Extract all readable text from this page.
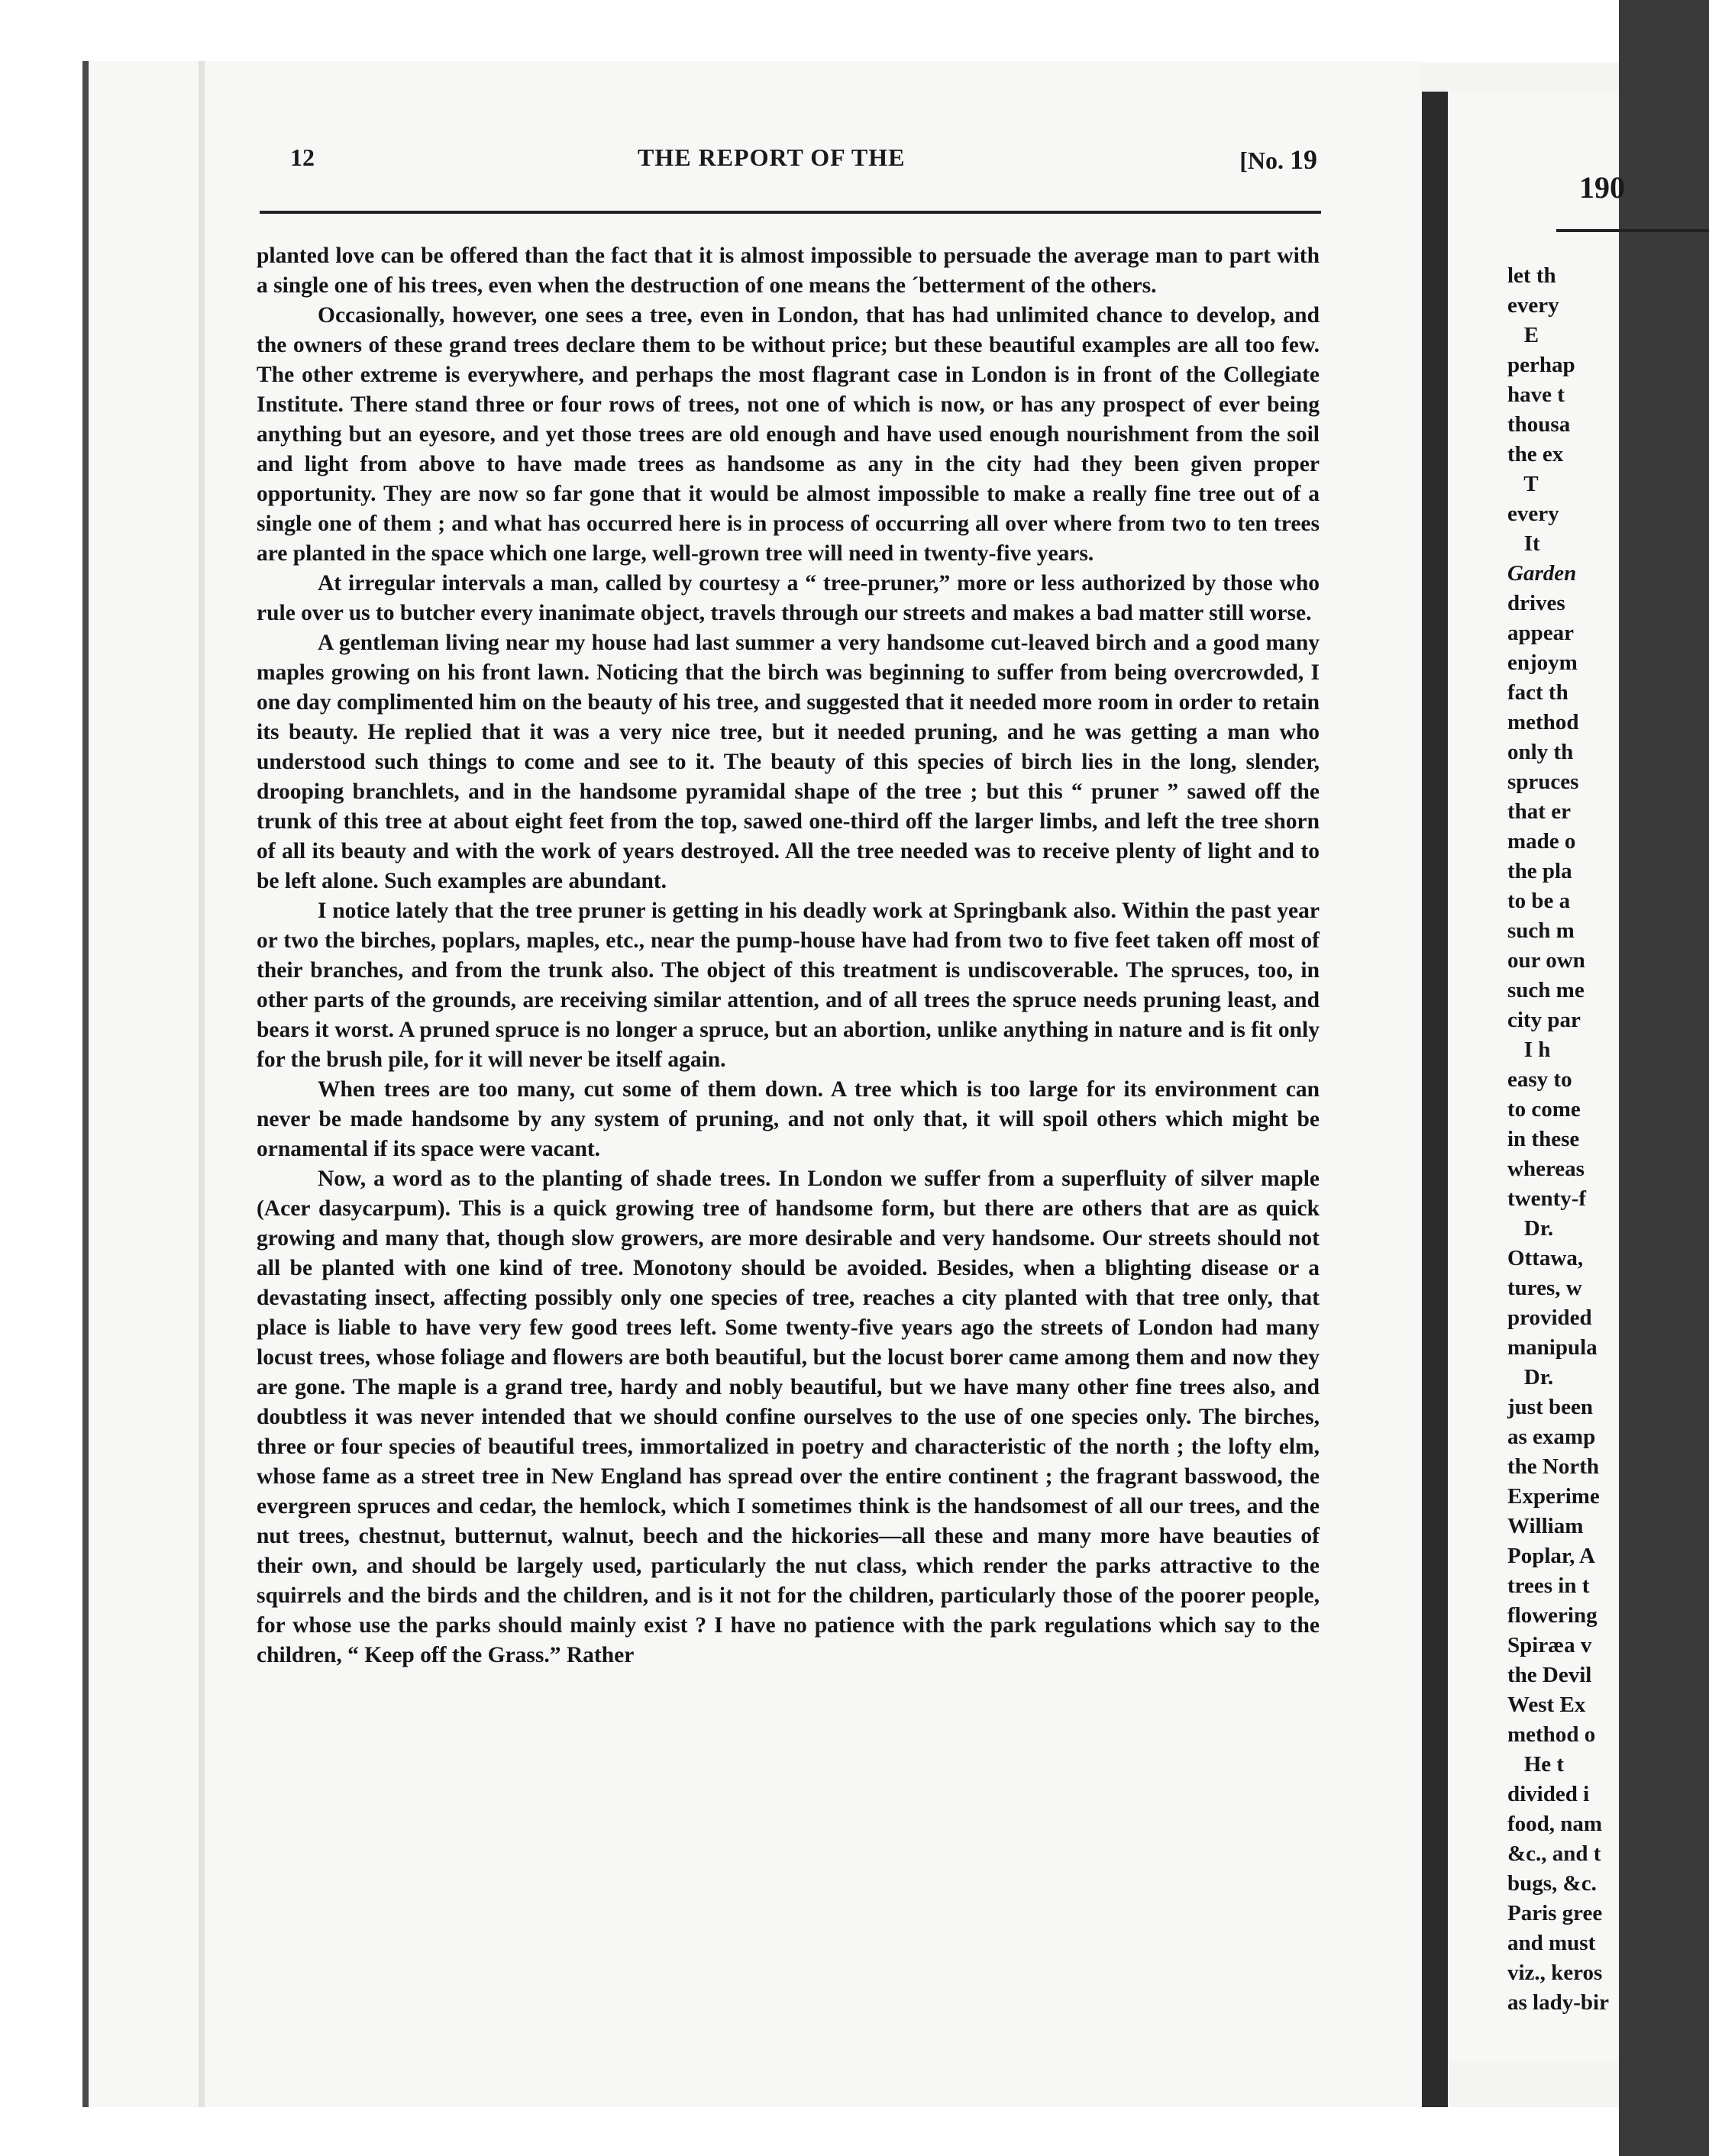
190
let th
every
E
perhap
have t
thousa
the ex
T
every
It
Garden
drives
appear
enjoym
fact th
method
only th
spruces
that er
made o
the pla
to be a
such m
our own
such me
city par
I h
easy to
to come
in these
whereas
twenty-f
Dr.
Ottawa,
tures, w
provided
manipula
Dr.
just been
as examp
the North
Experime
William
Poplar, A
trees in t
flowering
Spiræa v
the Devil
West Ex
method o
He t
divided i
food, nam
&c., and t
bugs, &c.
Paris gree
and must
viz., keros
as lady-bir
12	THE REPORT OF THE	[No. 19

planted love can be offered than the fact that it is almost impossible to persuade the average man to part with a single one of his trees, even when the destruction of one means the ˊbetterment of the others.

Occasionally, however, one sees a tree, even in London, that has had unlimited chance to develop, and the owners of these grand trees declare them to be without price; but these beautiful examples are all too few. The other extreme is everywhere, and perhaps the most flagrant case in London is in front of the Collegiate Institute. There stand three or four rows of trees, not one of which is now, or has any prospect of ever being anything but an eyesore, and yet those trees are old enough and have used enough nourishment from the soil and light from above to have made trees as handsome as any in the city had they been given proper opportunity. They are now so far gone that it would be almost impossible to make a really fine tree out of a single one of them ; and what has occurred here is in process of occurring all over where from two to ten trees are planted in the space which one large, well-grown tree will need in twenty-five years.

At irregular intervals a man, called by courtesy a “ tree-pruner,” more or less authorized by those who rule over us to butcher every inanimate object, travels through our streets and makes a bad matter still worse.

A gentleman living near my house had last summer a very handsome cut-leaved birch and a good many maples growing on his front lawn. Noticing that the birch was beginning to suffer from being overcrowded, I one day complimented him on the beauty of his tree, and suggested that it needed more room in order to retain its beauty. He replied that it was a very nice tree, but it needed pruning, and he was getting a man who understood such things to come and see to it. The beauty of this species of birch lies in the long, slender, drooping branchlets, and in the handsome pyramidal shape of the tree ; but this “ pruner ” sawed off the trunk of this tree at about eight feet from the top, sawed one-third off the larger limbs, and left the tree shorn of all its beauty and with the work of years destroyed. All the tree needed was to receive plenty of light and to be left alone. Such examples are abundant.

I notice lately that the tree pruner is getting in his deadly work at Springbank also. Within the past year or two the birches, poplars, maples, etc., near the pump-house have had from two to five feet taken off most of their branches, and from the trunk also. The object of this treatment is undiscoverable. The spruces, too, in other parts of the grounds, are receiving similar attention, and of all trees the spruce needs pruning least, and bears it worst. A pruned spruce is no longer a spruce, but an abortion, unlike anything in nature and is fit only for the brush pile, for it will never be itself again.

When trees are too many, cut some of them down. A tree which is too large for its environment can never be made handsome by any system of pruning, and not only that, it will spoil others which might be ornamental if its space were vacant.

Now, a word as to the planting of shade trees. In London we suffer from a superfluity of silver maple (Acer dasycarpum). This is a quick growing tree of handsome form, but there are others that are as quick growing and many that, though slow growers, are more desirable and very handsome. Our streets should not all be planted with one kind of tree. Monotony should be avoided. Besides, when a blighting disease or a devastating insect, affecting possibly only one species of tree, reaches a city planted with that tree only, that place is liable to have very few good trees left. Some twenty-five years ago the streets of London had many locust trees, whose foliage and flowers are both beautiful, but the locust borer came among them and now they are gone. The maple is a grand tree, hardy and nobly beautiful, but we have many other fine trees also, and doubtless it was never intended that we should confine ourselves to the use of one species only. The birches, three or four species of beautiful trees, immortalized in poetry and characteristic of the north ; the lofty elm, whose fame as a street tree in New England has spread over the entire continent ; the fragrant basswood, the evergreen spruces and cedar, the hemlock, which I sometimes think is the handsomest of all our trees, and the nut trees, chestnut, butternut, walnut, beech and the hickories—all these and many more have beauties of their own, and should be largely used, particularly the nut class, which render the parks attractive to the squirrels and the birds and the children, and is it not for the children, particularly those of the poorer people, for whose use the parks should mainly exist ? I have no patience with the park regulations which say to the children, “ Keep off the Grass.” Rather
